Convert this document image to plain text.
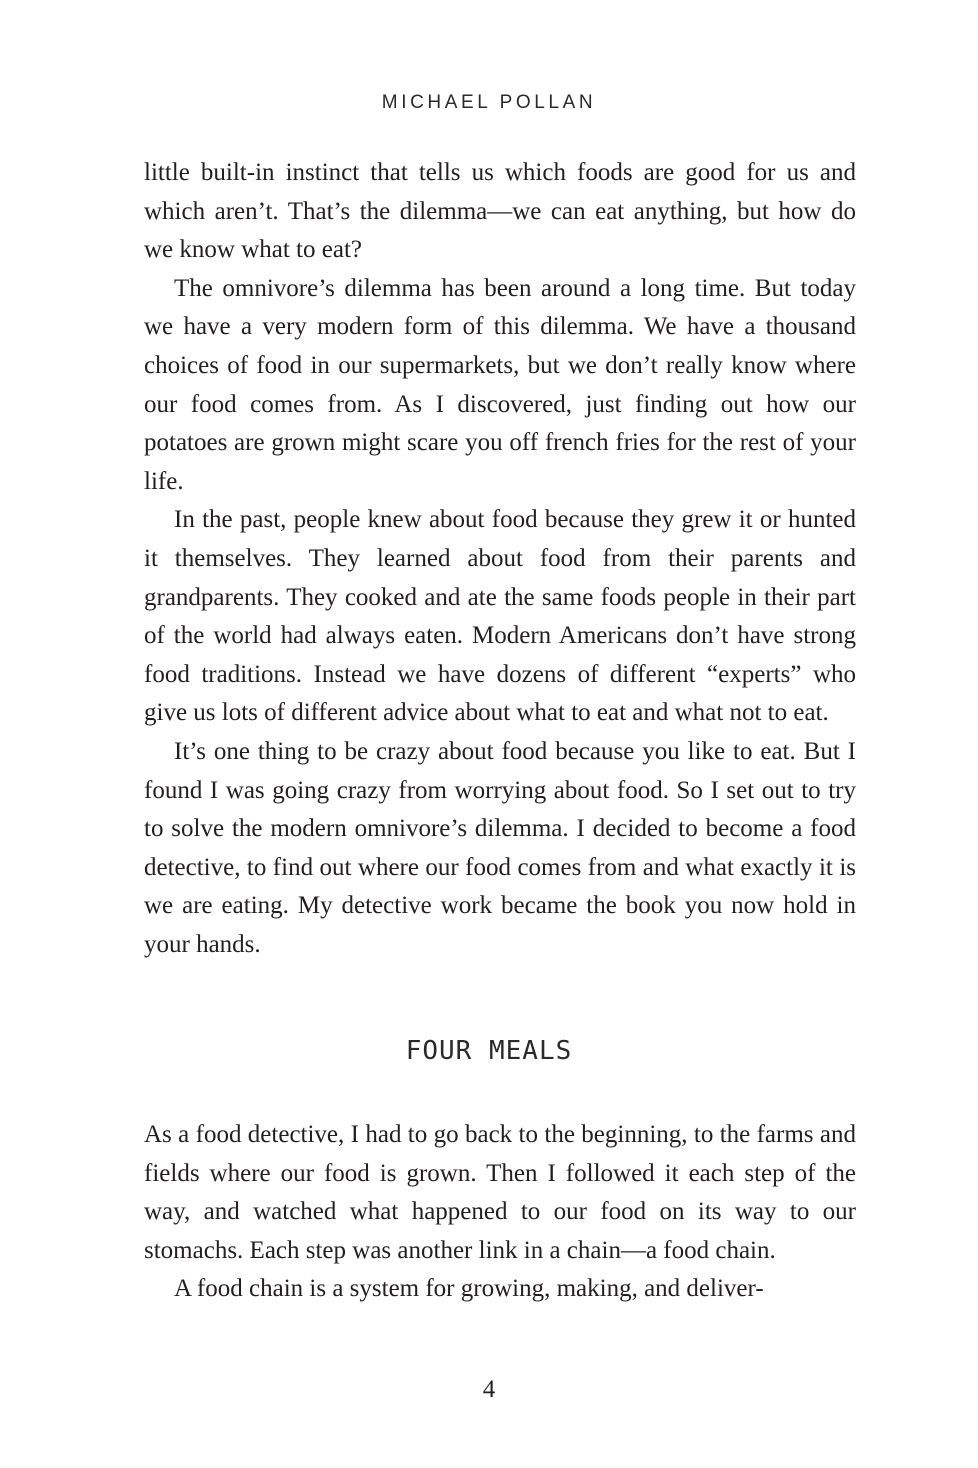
MICHAEL POLLAN

little built-in instinct that tells us which foods are good for us and which aren’t. That’s the dilemma—we can eat anything, but how do we know what to eat?

The omnivore’s dilemma has been around a long time. But today we have a very modern form of this dilemma. We have a thousand choices of food in our supermarkets, but we don’t really know where our food comes from. As I discovered, just finding out how our potatoes are grown might scare you off french fries for the rest of your life.

In the past, people knew about food because they grew it or hunted it themselves. They learned about food from their parents and grandparents. They cooked and ate the same foods people in their part of the world had always eaten. Modern Americans don’t have strong food traditions. Instead we have dozens of different “experts” who give us lots of different advice about what to eat and what not to eat.

It’s one thing to be crazy about food because you like to eat. But I found I was going crazy from worrying about food. So I set out to try to solve the modern omnivore’s dilemma. I decided to become a food detective, to find out where our food comes from and what exactly it is we are eating. My detective work became the book you now hold in your hands.

FOUR MEALS

As a food detective, I had to go back to the beginning, to the farms and fields where our food is grown. Then I followed it each step of the way, and watched what happened to our food on its way to our stomachs. Each step was another link in a chain—a food chain.

A food chain is a system for growing, making, and deliver-

4
